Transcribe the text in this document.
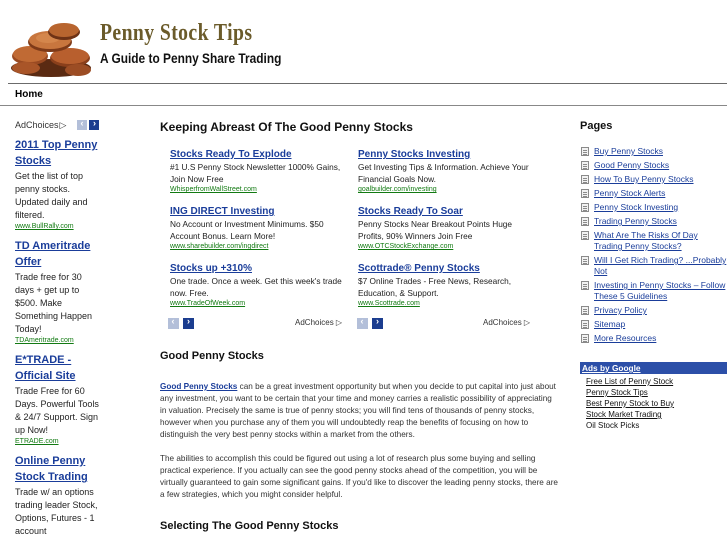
Penny Stock Tips
A Guide to Penny Share Trading
Home
AdChoices▷	‹
	›
2011 Top Penny Stocks
Get the list of top penny stocks. Updated daily and filtered.
www.BullRally.com
TD Ameritrade Offer
Trade free for 30 days + get up to $500. Make Something Happen Today!
TDAmeritrade.com
E*TRADE - Official Site
Trade Free for 60 Days. Powerful Tools & 24/7 Support. Sign up Now!
ETRADE.com
Online Penny Stock Trading
Trade w/ an options trading leader Stock, Options, Futures - 1 account
Keeping Abreast Of The Good Penny Stocks
Stocks Ready To Explode
#1 U.S Penny Stock Newsletter 1000% Gains, Join Now Free
WhisperfromWallStreet.com
Penny Stocks Investing
Get Investing Tips & Information. Achieve Your Financial Goals Now.
goalbuilder.com/investing
ING DIRECT Investing
No Account or Investment Minimums. $50 Account Bonus. Learn More!
www.sharebuilder.com/ingdirect
Stocks Ready To Soar
Penny Stocks Near Breakout Points Huge Profits, 90% Winners Join Free
www.OTCStockExchange.com
Stocks up +310%
One trade. Once a week. Get this week's trade now. Free.
www.TradeOfWeek.com
Scottrade® Penny Stocks
$7 Online Trades - Free News, Research, Education, & Support.
www.Scottrade.com
‹
	›	AdChoices ▷	‹
	›	AdChoices ▷
Good Penny Stocks
Good Penny Stocks can be a great investment opportunity but when you decide to put capital into just about any investment, you want to be certain that your time and money carries a realistic possibility of appreciating in valuation. Precisely the same is true of penny stocks; you will find tens of thousands of penny stocks, however when you purchase any of them you will undoubtedly reap the benefits of focusing on how to distinguish the very best penny stocks within a market from the others.
The abilities to accomplish this could be figured out using a lot of research plus some buying and selling practical experience. If you actually can see the good penny stocks ahead of the competition, you will be virtually guaranteed to gain some significant gains. If you'd like to discover the leading penny stocks, there are a few strategies, which you might consider helpful.
Selecting The Good Penny Stocks
Pages
Buy Penny Stocks
Good Penny Stocks
How To Buy Penny Stocks
Penny Stock Alerts
Penny Stock Investing
Trading Penny Stocks
What Are The Risks Of Day Trading Penny Stocks?
Will I Get Rich Trading? ...Probably Not
Investing in Penny Stocks – Follow These 5 Guidelines
Privacy Policy
Sitemap
More Resources
Ads by Google
Free List of Penny Stock
Penny Stock Tips
Best Penny Stock to Buy
Stock Market Trading
Oil Stock Picks
